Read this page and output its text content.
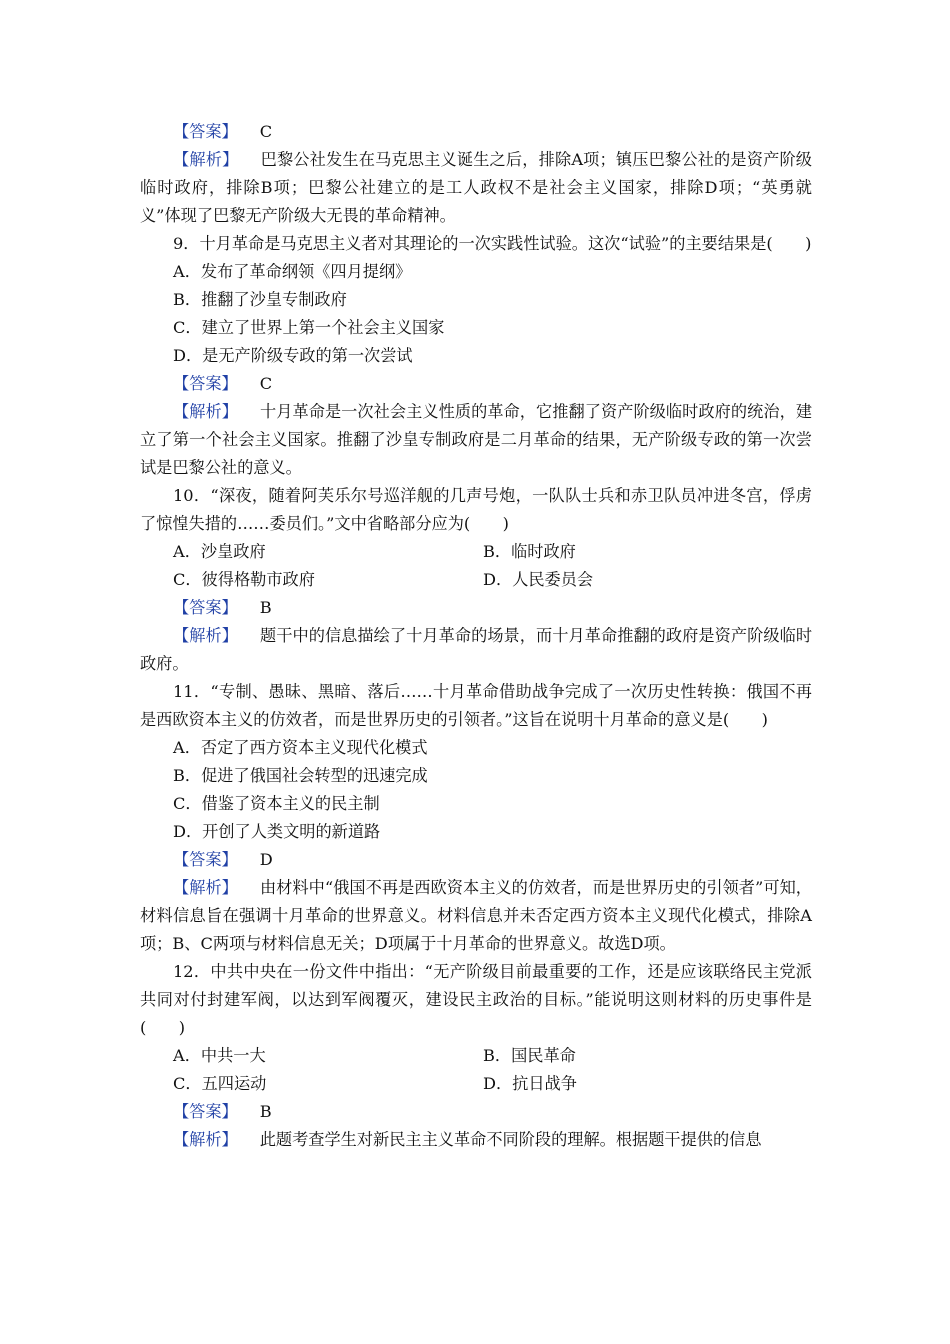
【答案】 C
【解析】 巴黎公社发生在马克思主义诞生之后，排除A项；镇压巴黎公社的是资产阶级临时政府，排除B项；巴黎公社建立的是工人政权不是社会主义国家，排除D项；“英勇就义”体现了巴黎无产阶级大无畏的革命精神。
9．十月革命是马克思主义者对其理论的一次实践性试验。这次“试验”的主要结果是(　　)
A．发布了革命纲领《四月提纲》
B．推翻了沙皇专制政府
C．建立了世界上第一个社会主义国家
D．是无产阶级专政的第一次尝试
【答案】 C
【解析】 十月革命是一次社会主义性质的革命，它推翻了资产阶级临时政府的统治，建立了第一个社会主义国家。推翻了沙皇专制政府是二月革命的结果，无产阶级专政的第一次尝试是巴黎公社的意义。
10．“深夜，随着阿芙乐尔号巡洋舰的几声号炮，一队队士兵和赤卫队员冲进冬宫，俘虏了惊惶失措的……委员们。”文中省略部分应为(　　)
A．沙皇政府	B．临时政府
C．彼得格勒市政府	D．人民委员会
【答案】 B
【解析】 题干中的信息描绘了十月革命的场景，而十月革命推翻的政府是资产阶级临时政府。
11．“专制、愚昧、黑暗、落后……十月革命借助战争完成了一次历史性转换：俄国不再是西欧资本主义的仿效者，而是世界历史的引领者。”这旨在说明十月革命的意义是(　　)
A．否定了西方资本主义现代化模式
B．促进了俄国社会转型的迅速完成
C．借鉴了资本主义的民主制
D．开创了人类文明的新道路
【答案】 D
【解析】 由材料中“俄国不再是西欧资本主义的仿效者，而是世界历史的引领者”可知，材料信息旨在强调十月革命的世界意义。材料信息并未否定西方资本主义现代化模式，排除A项；B、C两项与材料信息无关；D项属于十月革命的世界意义。故选D项。
12．中共中央在一份文件中指出：“无产阶级目前最重要的工作，还是应该联络民主党派共同对付封建军阀，以达到军阀覆灭，建设民主政治的目标。”能说明这则材料的历史事件是　　　　(　　)
A．中共一大	B．国民革命
C．五四运动	D．抗日战争
【答案】 B
【解析】 此题考查学生对新民主主义革命不同阶段的理解。根据题干提供的信息
